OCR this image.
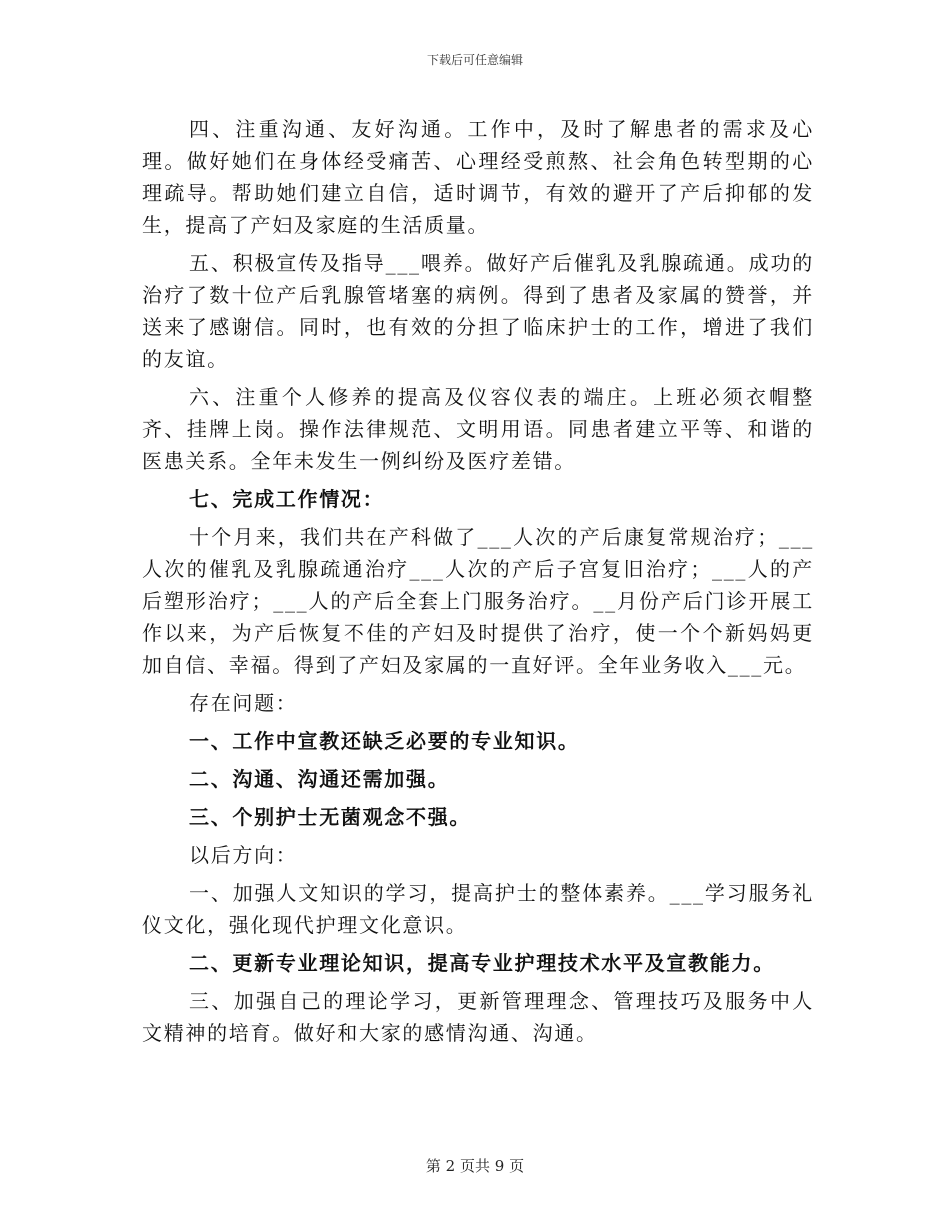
下载后可任意编辑

四、注重沟通、友好沟通。工作中，及时了解患者的需求及心理。做好她们在身体经受痛苦、心理经受煎熬、社会角色转型期的心理疏导。帮助她们建立自信，适时调节，有效的避开了产后抑郁的发生，提高了产妇及家庭的生活质量。

五、积极宣传及指导___喂养。做好产后催乳及乳腺疏通。成功的治疗了数十位产后乳腺管堵塞的病例。得到了患者及家属的赞誉，并送来了感谢信。同时，也有效的分担了临床护士的工作，增进了我们的友谊。

六、注重个人修养的提高及仪容仪表的端庄。上班必须衣帽整齐、挂牌上岗。操作法律规范、文明用语。同患者建立平等、和谐的医患关系。全年未发生一例纠纷及医疗差错。

七、完成工作情况：

十个月来，我们共在产科做了___人次的产后康复常规治疗；___人次的催乳及乳腺疏通治疗___人次的产后子宫复旧治疗；___人的产后塑形治疗；___人的产后全套上门服务治疗。__月份产后门诊开展工作以来，为产后恢复不佳的产妇及时提供了治疗，使一个个新妈妈更加自信、幸福。得到了产妇及家属的一直好评。全年业务收入___元。

存在问题：

一、工作中宣教还缺乏必要的专业知识。

二、沟通、沟通还需加强。

三、个别护士无菌观念不强。

以后方向：

一、加强人文知识的学习，提高护士的整体素养。___学习服务礼仪文化，强化现代护理文化意识。

二、更新专业理论知识，提高专业护理技术水平及宣教能力。

三、加强自己的理论学习，更新管理理念、管理技巧及服务中人文精神的培育。做好和大家的感情沟通、沟通。

第 2 页共 9 页
